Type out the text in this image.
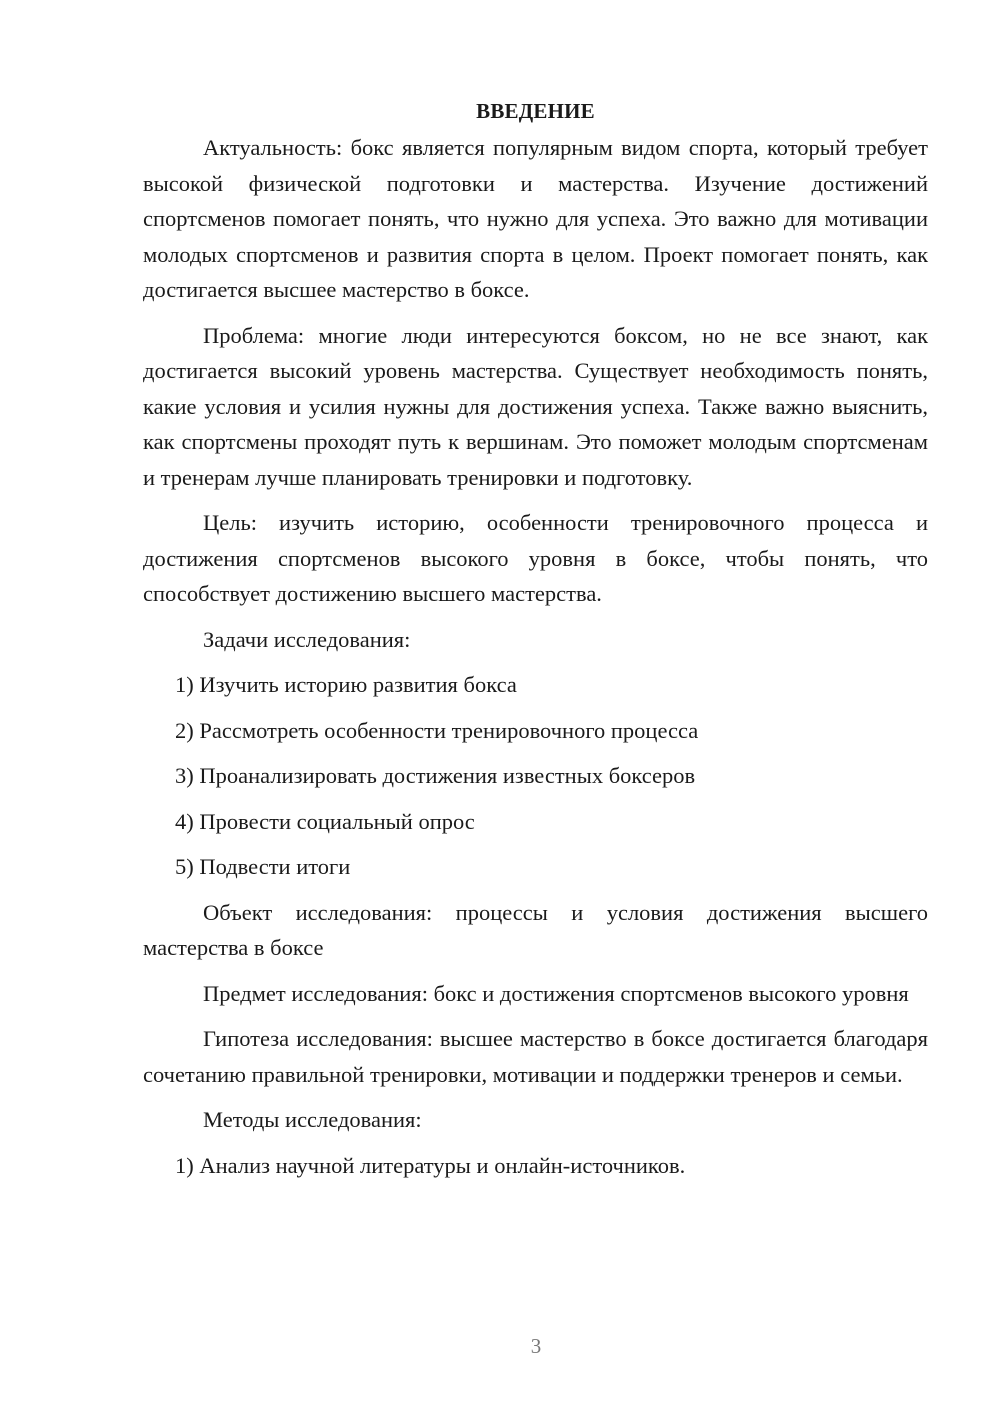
ВВЕДЕНИЕ

Актуальность: бокс является популярным видом спорта, который требует высокой физической подготовки и мастерства. Изучение достижений спортсменов помогает понять, что нужно для успеха. Это важно для мотивации молодых спортсменов и развития спорта в целом. Проект помогает понять, как достигается высшее мастерство в боксе.

Проблема: многие люди интересуются боксом, но не все знают, как достигается высокий уровень мастерства. Существует необходимость понять, какие условия и усилия нужны для достижения успеха. Также важно выяснить, как спортсмены проходят путь к вершинам. Это поможет молодым спортсменам и тренерам лучше планировать тренировки и подготовку.

Цель: изучить историю, особенности тренировочного процесса и достижения спортсменов высокого уровня в боксе, чтобы понять, что способствует достижению высшего мастерства.

Задачи исследования:

1) Изучить историю развития бокса
2) Рассмотреть особенности тренировочного процесса
3) Проанализировать достижения известных боксеров
4) Провести социальный опрос
5) Подвести итоги

Объект исследования: процессы и условия достижения высшего мастерства в боксе

Предмет исследования: бокс и достижения спортсменов высокого уровня

Гипотеза исследования: высшее мастерство в боксе достигается благодаря сочетанию правильной тренировки, мотивации и поддержки тренеров и семьи.

Методы исследования:

1) Анализ научной литературы и онлайн-источников.
3
